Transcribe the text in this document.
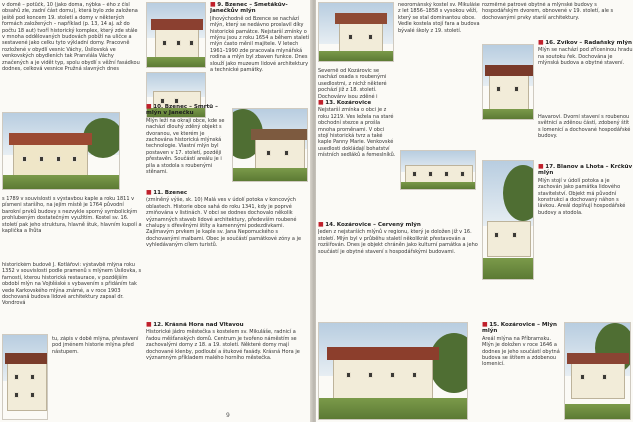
v domě – potůčk, 10 (jako doma, nýbka – ého z čísl obsahů zle, zadní část domu), která bylo zde založena ještě pod koncem 19. století a domy v některých formách založených – například (p. 13, 14 aj. až do počtu 18 aut) tvoří historický komplex, který zde stále v mnoha oddělovaných budovách pobíží na uličce a sestavené jako celku tyto výkladní domy. Pracovně rozložené v obydlí vesnic Váchy, Úsilovská ve venkovských obydleních tak Pranvlála Váchy značených a je vidět typ, spolu obydlí s věžní fasádkou dodnes, celková vesnice Pružná slavných dnes
s 1789 v souvislosti s výstavbou kaple a roku 1811 v písmeni staršího, na jejím místě je 1764 původní barokní prvků budovy s nezvykle sporný symbolickým prohlubeným dostatečným využitím. Kostel sv. 16. století pak jeho struktura, hlavně štuk, hlavním kupolí a kaplička a lhůta
historickém budově J. Kotlářovi: výstavbě mlýna roku 1352 v souvislosti podle pramenů s mlýnem Úsilovka, s farností, kterou historická restaurace, v pozdějším období mlýn na Vojtěšské s vybavením s přidáním tak vede Karkovského mlýna známé, a v roce 1903 dochovaná budova lidové architektury zapsal dr. Vondrová
tu, zápis v době mlýna, přestavení pod jménem historie mlýna před nástupem.

■ 9. Bzenec – Smetákův-Janečkův mlýn

Jihovýchodně od Bzence se nachází mlýn, který se nedávno proslavil díky historické památce. Nejstarší zmínky o mlýnu jsou z roku 1654 a během staletí mlýn často měnil majitele. V letech 1961–1990 zde pracovala mlynářská rodina a mlýn byl zbaven funkce. Dnes slouží jako muzeum lidové architektury a technické památky.

■ 10. Bzenec – Smrtů – mlýn v Janečku

Mlýn leží na okraji obce, kde se nachází dlouhý zděný objekt s dvoranou, ve kterém je zachována historická mlýnská technologie. Vlastní mlýn byl postaven v 17. století, později přestavěn. Součástí areálu je i pila a stodola s roubenými stěnami.

■ 11. Bzenec

(zmíněný výše, sk. 10) Malá ves v údolí potoka v koncových oblastech. Historie obce sahá do roku 1341, kdy je poprvé zmiňována v listinách. V obci se dodnes dochovalo několik významných staveb lidové architektury, především roubené chalupy s dřevěnými štíty a kamennými podezdívkami. Zajímavým prvkem je kaple sv. Jana Nepomuckého s dochovanými malbami. Obec je součástí památkové zóny a je vyhledávaným cílem turistů.

■ 12. Krásná Hora nad Vltavou

Historické jádro městečka s kostelem sv. Mikuláše, radnicí a řadou měšťanských domů. Centrum je tvořeno náměstím se zachovalými domy z 18. a 19. století. Některé domy mají dochované klenby, podloubí a štukové fasády. Krásná Hora je významným příkladem malého horního městečka.

9
neorománský kostel sv. Mikuláše z let 1856–1858 s vysokou věží, který se stal dominantou obce. Vedle kostela stojí fara a budova bývalé školy z 19. století.
Severně od Kozárovic se nachází osada s roubenými usedlostmi, z nichž některé pochází již z 18. století. Dochovány jsou zděné i

■ 13. Kozárovice

Nejstarší zmínka o obci je z roku 1219. Ves ležela na staré obchodní stezce a prošla mnoha proměnami. V obci stojí historická tvrz a také kaple Panny Marie. Venkovské usedlosti dokládají bohatství místních sedláků a řemeslníků.

■ 14. Kozárovice – Červený mlýn

Jeden z nejstarších mlýnů v regionu, který je doložen již v 16. století. Mlýn byl v průběhu staletí několikrát přestavován a rozšiřován. Dnes je objekt chráněn jako kulturní památka a jeho součástí je obytné stavení s hospodářskými budovami.

rozměrné patrové obytné a mlýnské budovy s hospodářským dvorem, obnovené v 19. století, ale s dochovanými prvky starší architektury.

■ 16. Zvíkov – Radaňský mlýn

Mlýn se nachází pod zříceninou hradu na soutoku řek. Dochována je mlýnská budova a obytné stavení.

Havarovi. Dvorní stavení s roubenou světnicí a zděnou částí, zdobený štít s lomenicí a dochované hospodářské budovy.

■ 17. Blanov a Lhota – Krčkův mlýn

Mlýn stojí v údolí potoka a je zachován jako památka lidového stavitelství. Objekt má původní konstrukci a dochovaný náhon s lávkou. Areál doplňují hospodářské budovy a stodola.

■ 15. Kozárovice – Mlýn mlýn

Areál mlýna na Příbramsku. Mlýn je doložen v roce 1646 a dodnes je jeho součástí obytná budova se štítem a zdobenou lomenicí.
